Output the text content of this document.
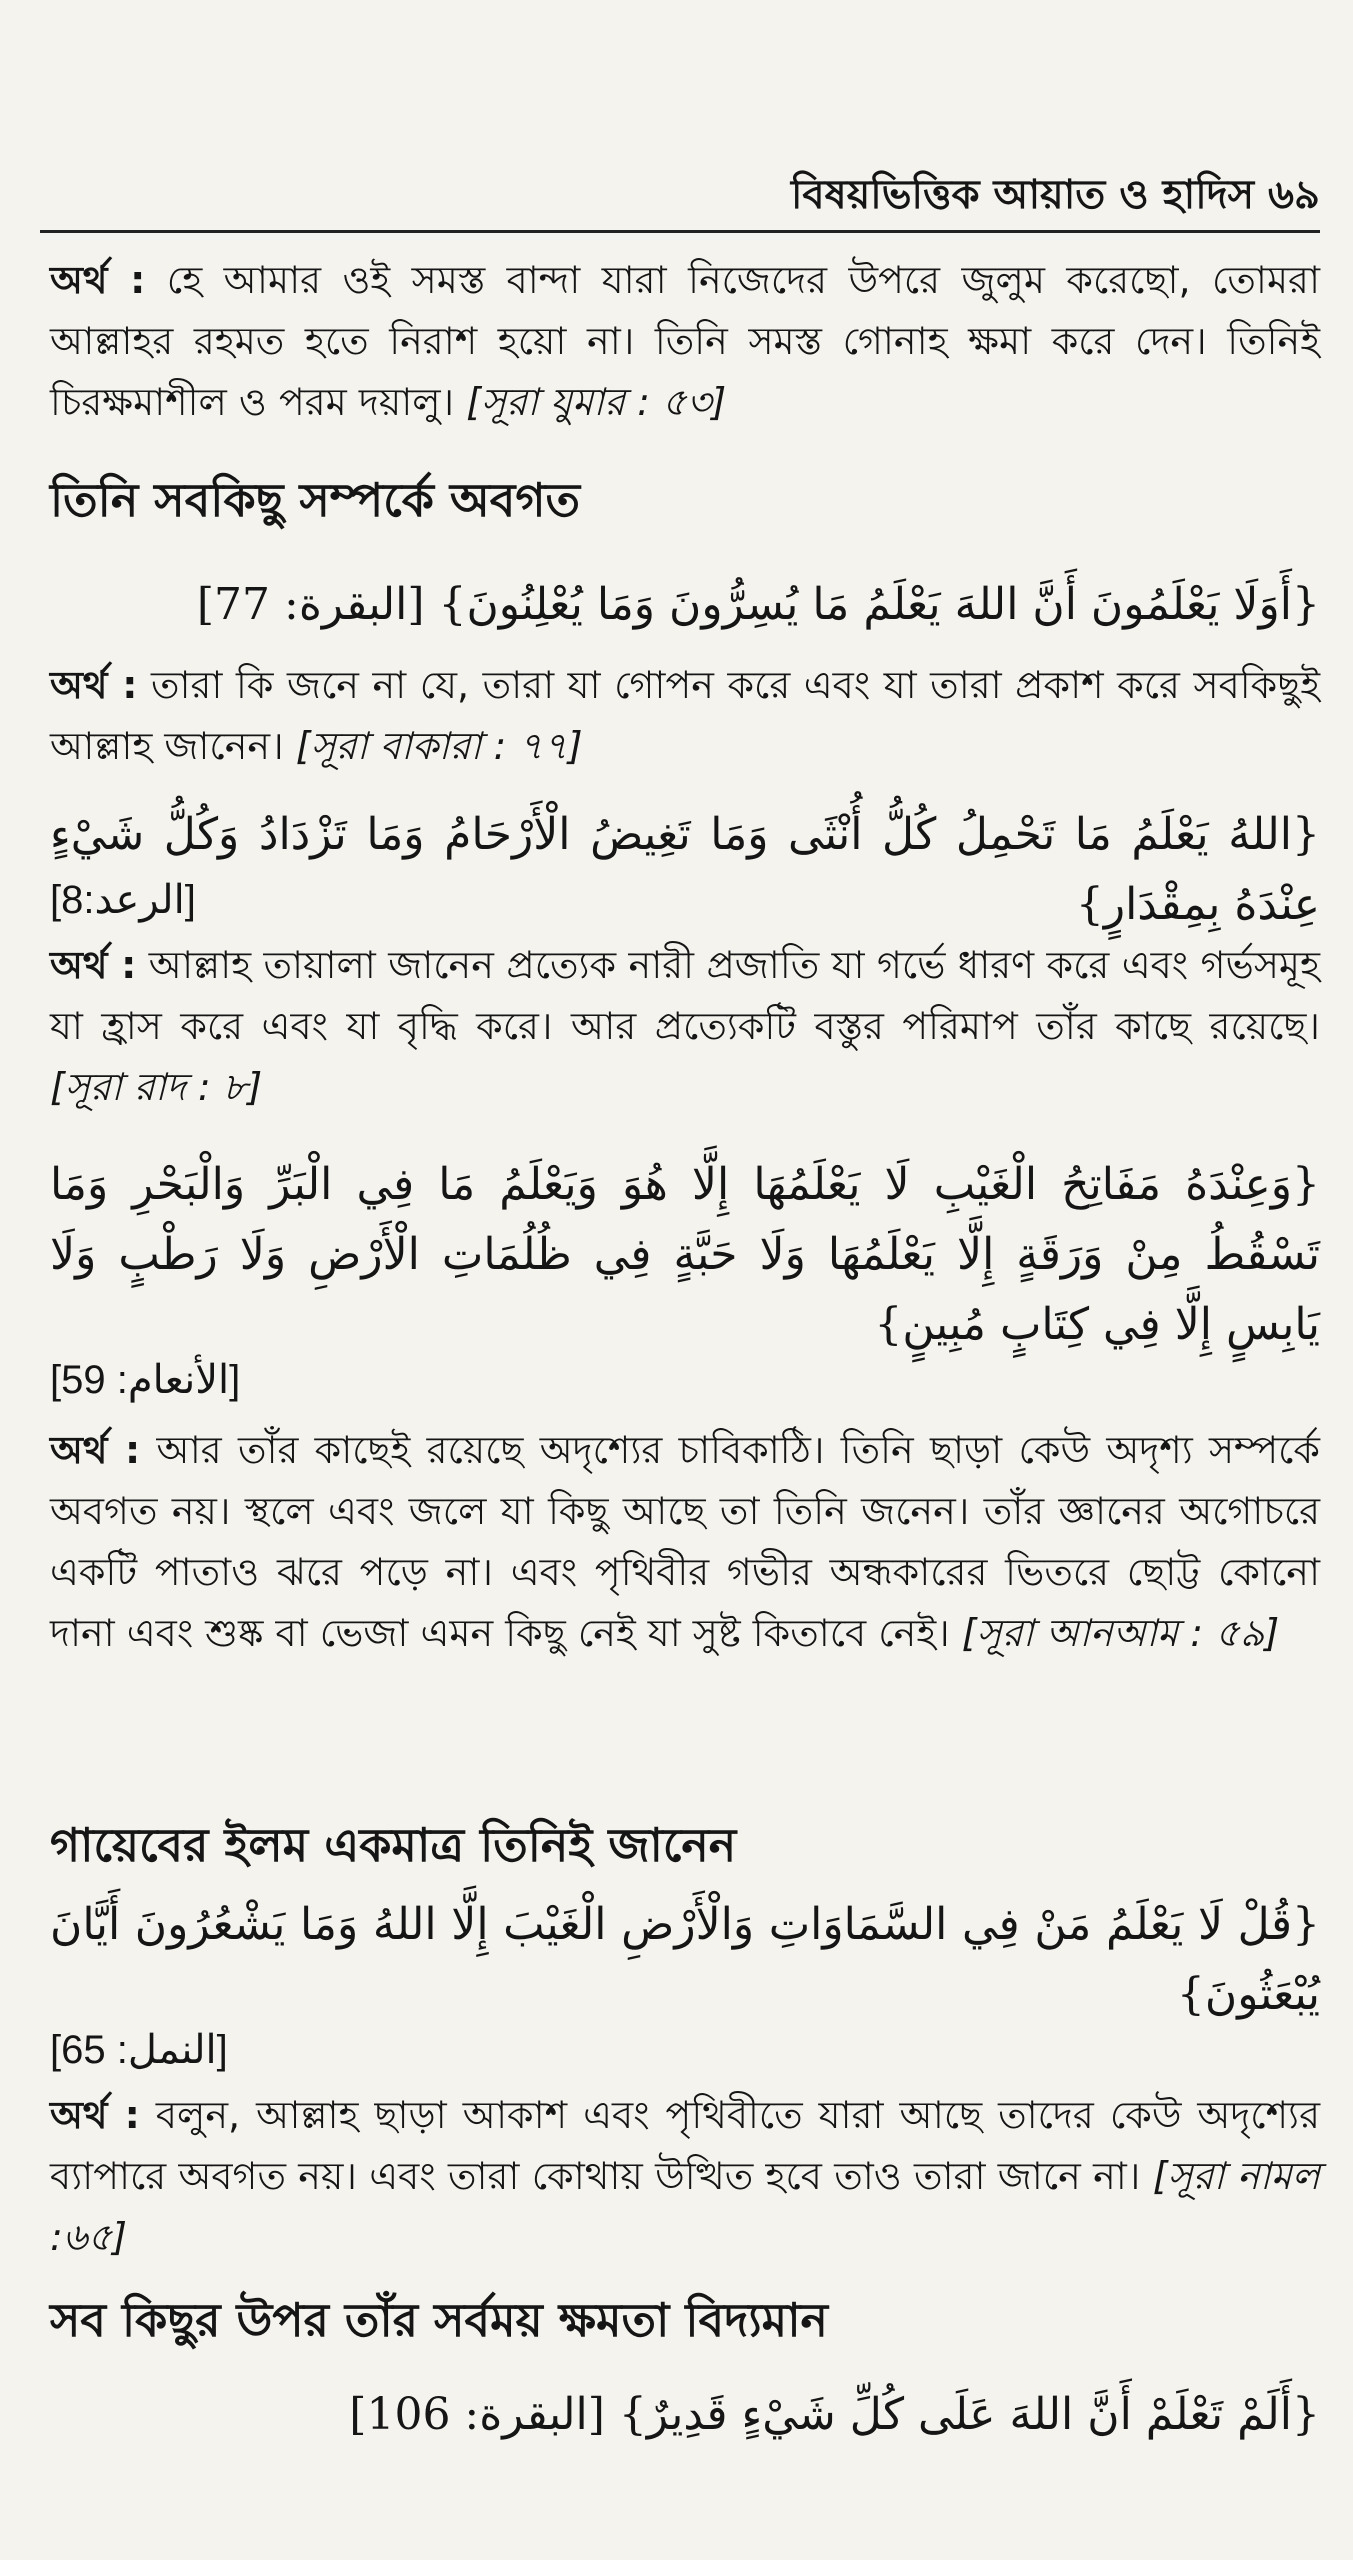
বিষয়ভিত্তিক আয়াত ও হাদিস ৬৯
অর্থ : হে আমার ওই সমস্ত বান্দা যারা নিজেদের উপরে জুলুম করেছো, তোমরা আল্লাহর রহমত হতে নিরাশ হয়ো না। তিনি সমস্ত গোনাহ ক্ষমা করে দেন। তিনিই চিরক্ষমাশীল ও পরম দয়ালু। [সূরা যুমার : ৫৩]
তিনি সবকিছু সম্পর্কে অবগত
{أَوَلَا يَعْلَمُونَ أَنَّ اللهَ يَعْلَمُ مَا يُسِرُّونَ وَمَا يُعْلِنُونَ} [البقرة: 77]
অর্থ : তারা কি জনে না যে, তারা যা গোপন করে এবং যা তারা প্রকাশ করে সবকিছুই আল্লাহ জানেন। [সূরা বাকারা : ৭৭]
{اللهُ يَعْلَمُ مَا تَحْمِلُ كُلُّ أُنْثَى وَمَا تَغِيضُ الْأَرْحَامُ وَمَا تَزْدَادُ وَكُلُّ شَيْءٍ عِنْدَهُ بِمِقْدَارٍ}
[الرعد:8]
অর্থ : আল্লাহ তায়ালা জানেন প্রত্যেক নারী প্রজাতি যা গর্ভে ধারণ করে এবং গর্ভসমূহ যা হ্রাস করে এবং যা বৃদ্ধি করে। আর প্রত্যেকটি বস্তুর পরিমাপ তাঁর কাছে রয়েছে। [সূরা রাদ : ৮]
{وَعِنْدَهُ مَفَاتِحُ الْغَيْبِ لَا يَعْلَمُهَا إِلَّا هُوَ وَيَعْلَمُ مَا فِي الْبَرِّ وَالْبَحْرِ وَمَا تَسْقُطُ مِنْ وَرَقَةٍ إِلَّا يَعْلَمُهَا وَلَا حَبَّةٍ فِي ظُلُمَاتِ الْأَرْضِ وَلَا رَطْبٍ وَلَا يَابِسٍ إِلَّا فِي كِتَابٍ مُبِينٍ}
[الأنعام: 59]
অর্থ : আর তাঁর কাছেই রয়েছে অদৃশ্যের চাবিকাঠি। তিনি ছাড়া কেউ অদৃশ্য সম্পর্কে অবগত নয়। স্থলে এবং জলে যা কিছু আছে তা তিনি জনেন। তাঁর জ্ঞানের অগোচরে একটি পাতাও ঝরে পড়ে না। এবং পৃথিবীর গভীর অন্ধকারের ভিতরে ছোট্ট কোনো দানা এবং শুষ্ক বা ভেজা এমন কিছু নেই যা সুষ্ট কিতাবে নেই। [সূরা আনআম : ৫৯]
গায়েবের ইলম একমাত্র তিনিই জানেন
{قُلْ لَا يَعْلَمُ مَنْ فِي السَّمَاوَاتِ وَالْأَرْضِ الْغَيْبَ إِلَّا اللهُ وَمَا يَشْعُرُونَ أَيَّانَ يُبْعَثُونَ}
[النمل: 65]
অর্থ : বলুন, আল্লাহ ছাড়া আকাশ এবং পৃথিবীতে যারা আছে তাদের কেউ অদৃশ্যের ব্যাপারে অবগত নয়। এবং তারা কোথায় উত্থিত হবে তাও তারা জানে না। [সূরা নামল :৬৫]
সব কিছুর উপর তাঁর সর্বময় ক্ষমতা বিদ্যমান
{أَلَمْ تَعْلَمْ أَنَّ اللهَ عَلَى كُلِّ شَيْءٍ قَدِيرٌ} [البقرة: 106]
